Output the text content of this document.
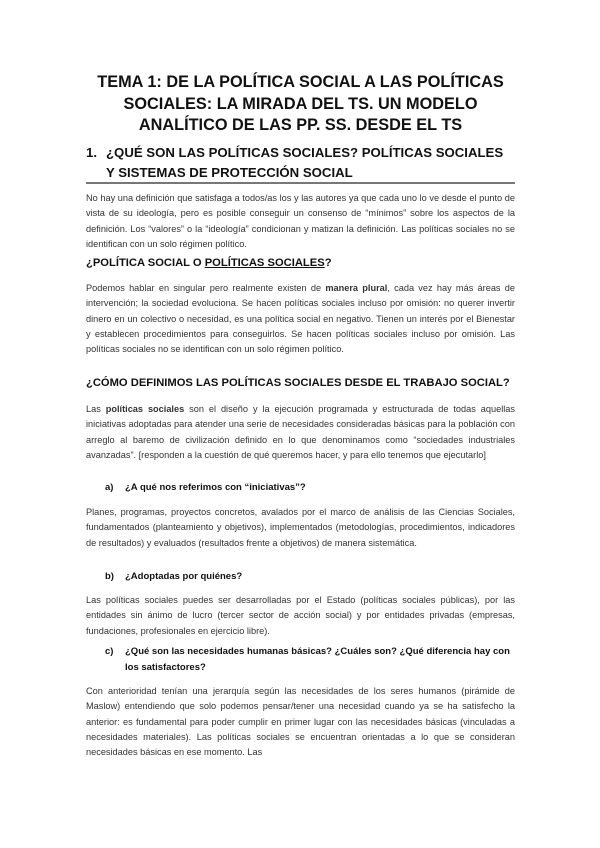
TEMA 1: DE LA POLÍTICA SOCIAL A LAS POLÍTICAS SOCIALES: LA MIRADA DEL TS. UN MODELO ANALÍTICO DE LAS PP. SS. DESDE EL TS
1. ¿QUÉ SON LAS POLÍTICAS SOCIALES? POLÍTICAS SOCIALES Y SISTEMAS DE PROTECCIÓN SOCIAL

No hay una definición que satisfaga a todos/as los y las autores ya que cada uno lo ve desde el punto de vista de su ideología, pero es posible conseguir un consenso de “mínimos” sobre los aspectos de la definición. Los “valores” o la “ideología” condicionan y matizan la definición. Las políticas sociales no se identifican con un solo régimen político.

¿POLÍTICA SOCIAL O POLÍTICAS SOCIALES?

Podemos hablar en singular pero realmente existen de manera plural, cada vez hay más áreas de intervención; la sociedad evoluciona. Se hacen políticas sociales incluso por omisión: no querer invertir dinero en un colectivo o necesidad, es una política social en negativo. Tienen un interés por el Bienestar y establecen procedimientos para conseguirlos. Se hacen políticas sociales incluso por omisión. Las políticas sociales no se identifican con un solo régimen político.

¿CÓMO DEFINIMOS LAS POLÍTICAS SOCIALES DESDE EL TRABAJO SOCIAL?

Las políticas sociales son el diseño y la ejecución programada y estructurada de todas aquellas iniciativas adoptadas para atender una serie de necesidades consideradas básicas para la población con arreglo al baremo de civilización definido en lo que denominamos como “sociedades industriales avanzadas”. [responden a la cuestión de qué queremos hacer, y para ello tenemos que ejecutarlo]

a)	¿A qué nos referimos con “iniciativas”?

Planes, programas, proyectos concretos, avalados por el marco de análisis de las Ciencias Sociales, fundamentados (planteamiento y objetivos), implementados (metodologías, procedimientos, indicadores de resultados) y evaluados (resultados frente a objetivos) de manera sistemática.

b)	¿Adoptadas por quiénes?

Las políticas sociales puedes ser desarrolladas por el Estado (políticas sociales públicas), por las entidades sin ánimo de lucro (tercer sector de acción social) y por entidades privadas (empresas, fundaciones, profesionales en ejercicio libre).

c)	¿Qué son las necesidades humanas básicas? ¿Cuáles son? ¿Qué diferencia hay con los satisfactores?

Con anterioridad tenían una jerarquía según las necesidades de los seres humanos (pirámide de Maslow) entendiendo que solo podemos pensar/tener una necesidad cuando ya se ha satisfecho la anterior: es fundamental para poder cumplir en primer lugar con las necesidades básicas (vinculadas a necesidades materiales). Las políticas sociales se encuentran orientadas a lo que se consideran necesidades básicas en ese momento. Las
